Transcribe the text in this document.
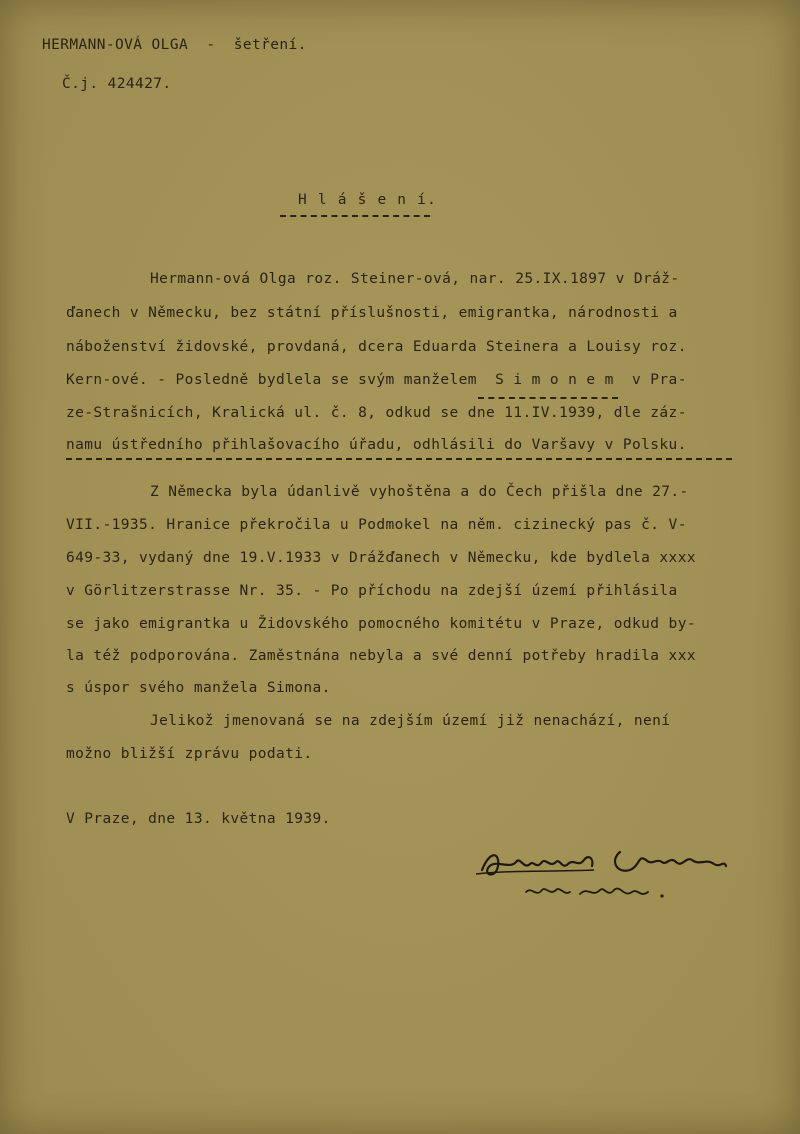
HERMANN-OVÁ OLGA  -  šetření.
Č.j. 424427.
H l á š e n í.
Hermann-ová Olga roz. Steiner-ová, nar. 25.IX.1897 v Dráž-
ďanech v Německu, bez státní příslušnosti, emigrantka, národnosti a
náboženství židovské, provdaná, dcera Eduarda Steinera a Louisy roz.
Kern-ové. - Posledně bydlela se svým manželem  S i m o n e m  v Pra-
ze-Strašnicích, Kralická ul. č. 8, odkud se dne 11.IV.1939, dle záz-
namu ústředního přihlašovacího úřadu, odhlásili do Varšavy v Polsku.
Z Německa byla údanlivě vyhoštěna a do Čech přišla dne 27.-
VII.-1935. Hranice překročila u Podmokel na něm. cizinecký pas č. V-
649-33, vydaný dne 19.V.1933 v Drážďanech v Německu, kde bydlela xxxx
v Görlitzerstrasse Nr. 35. - Po příchodu na zdejší území přihlásila
se jako emigrantka u Židovského pomocného komitétu v Praze, odkud by-
la též podporována. Zaměstnána nebyla a své denní potřeby hradila xxx
s úspor svého manžela Simona.
Jelikož jmenovaná se na zdejším území již nenachází, není
možno bližší zprávu podati.
V Praze, dne 13. května 1939.
